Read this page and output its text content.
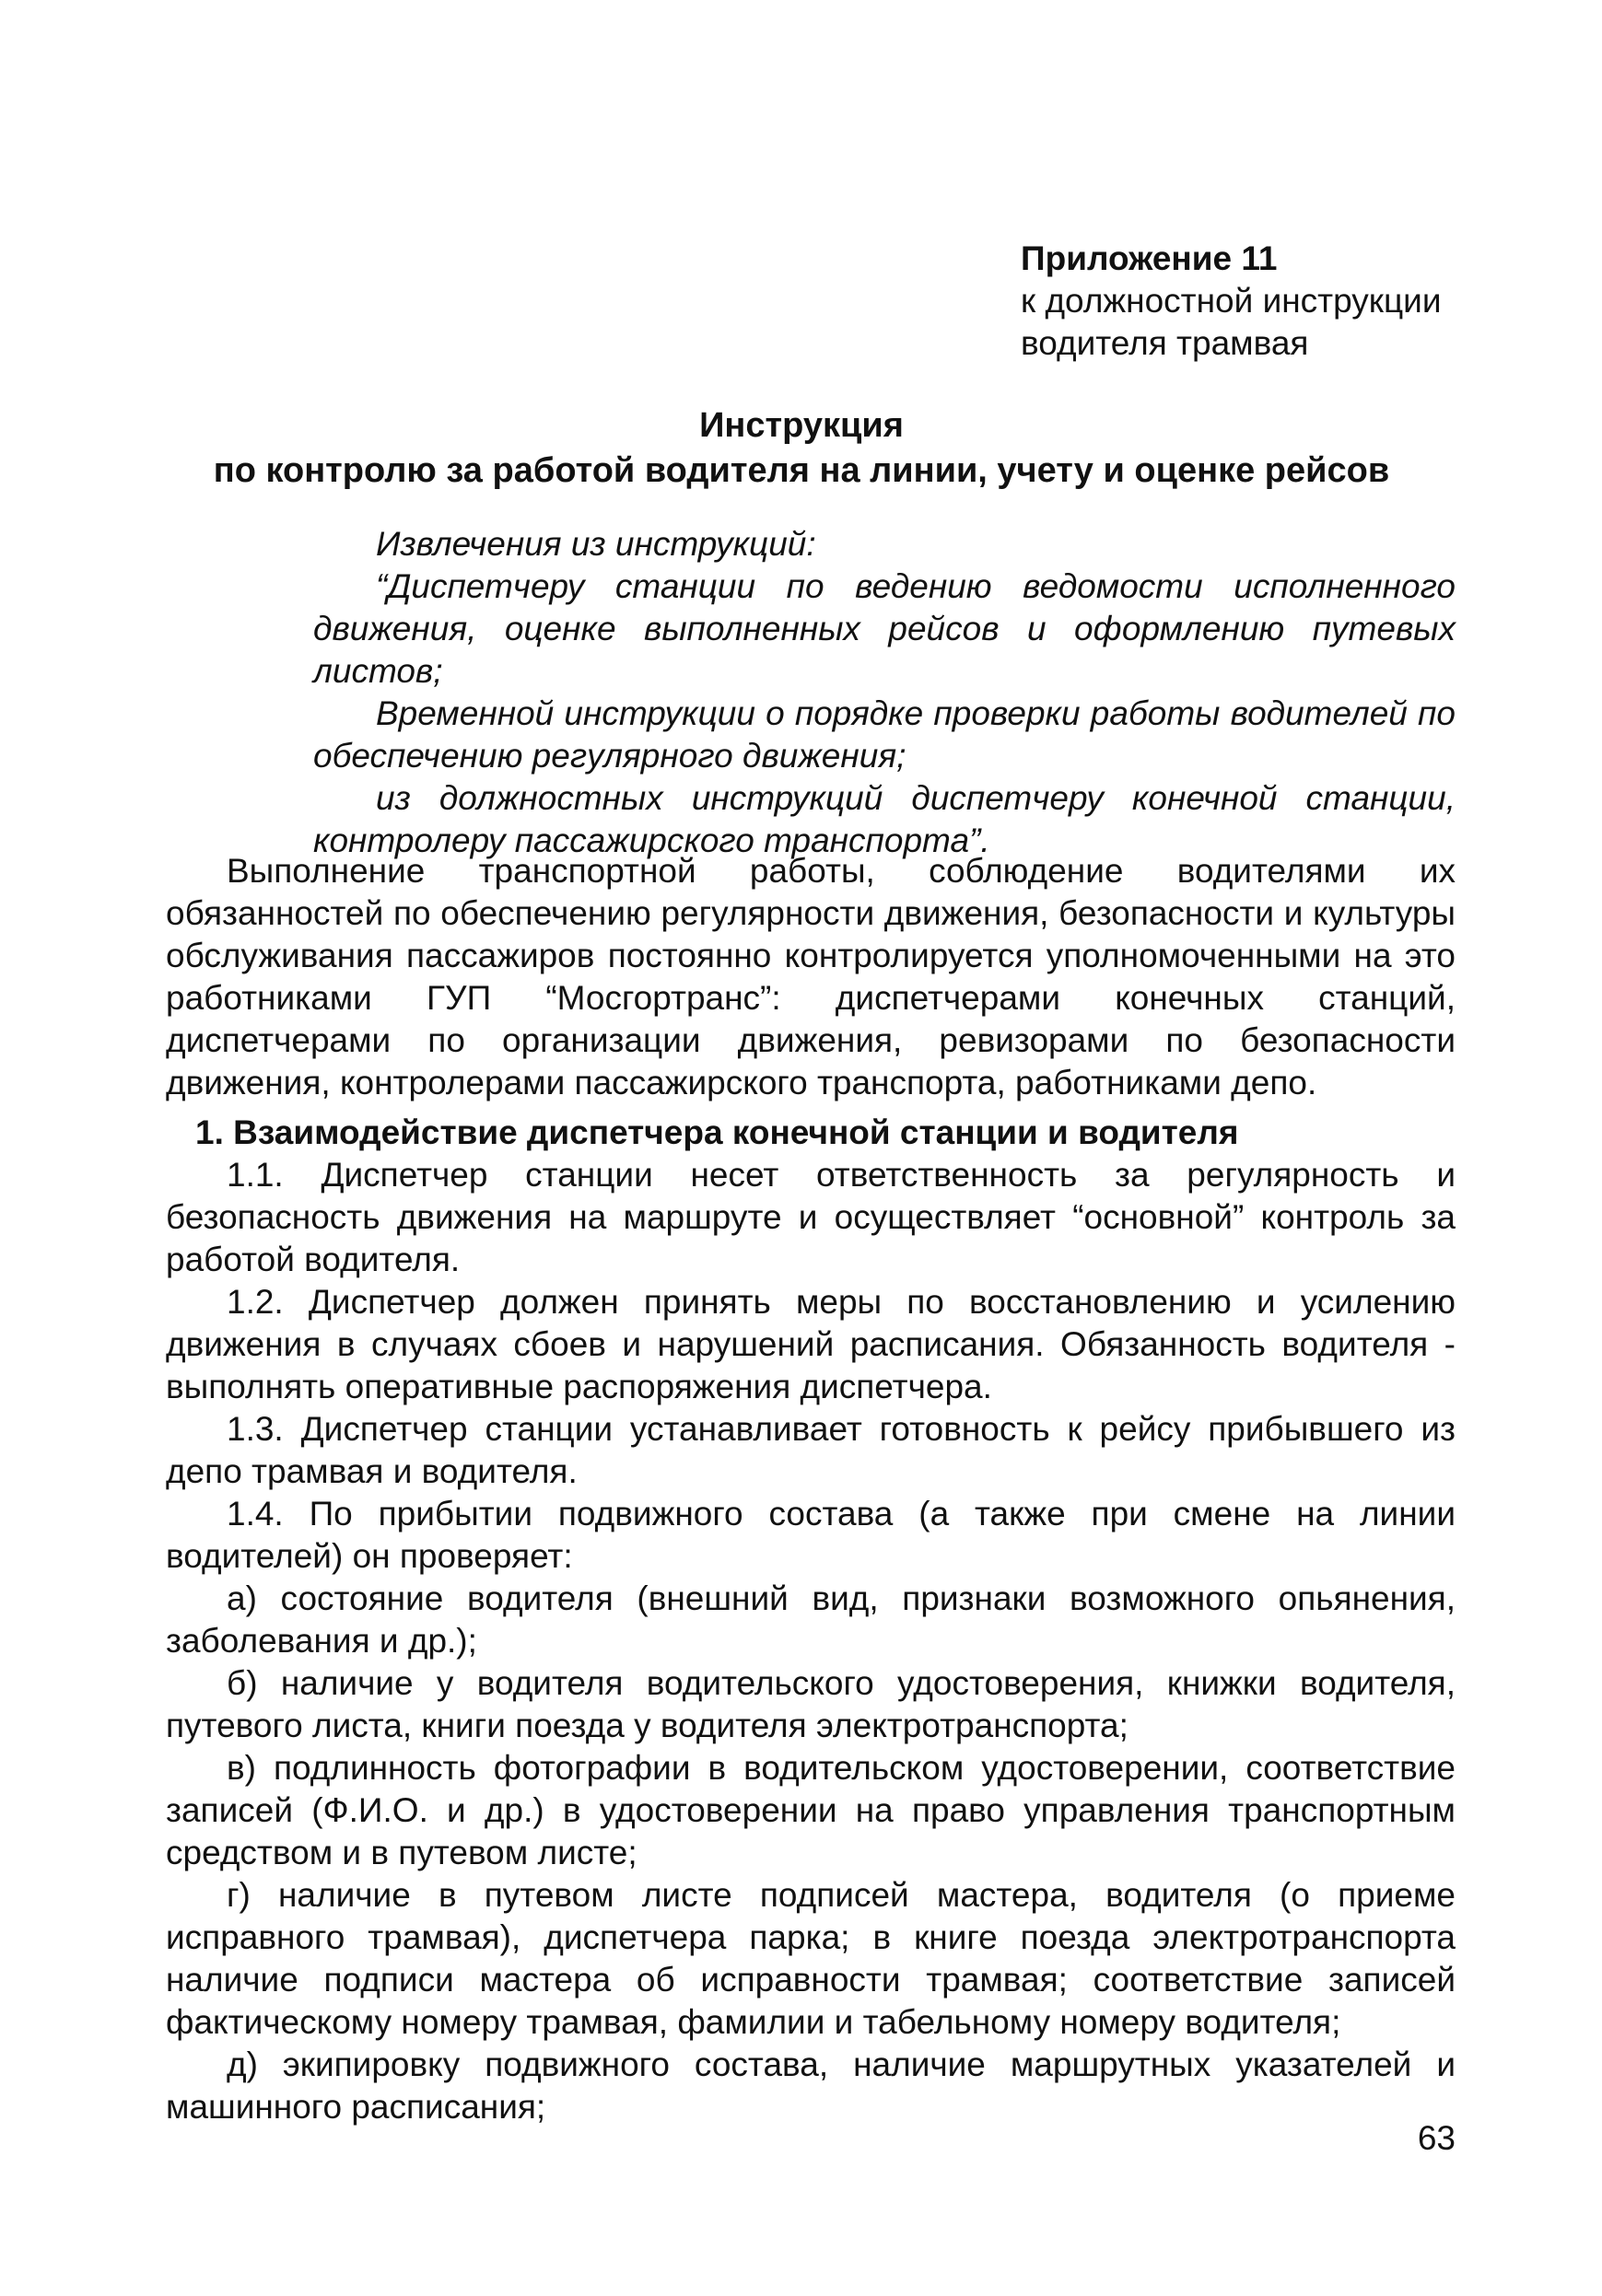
Приложение 11
к должностной инструкции
водителя трамвая
Инструкция
по контролю за работой водителя на линии, учету и оценке рейсов
Извлечения из инструкций:

“Диспетчеру станции по ведению ведомости исполненного движения, оценке выполненных рейсов и оформлению путевых листов;

Временной инструкции о порядке проверки работы водителей по обеспечению регулярного движения;

из должностных инструкций диспетчеру конечной станции, контролеру пассажирского транспорта”.

Выполнение транспортной работы, соблюдение водителями их обязанностей по обеспечению регулярности движения, безопасности и культуры обслуживания пассажиров постоянно контролируется уполномоченными на это работниками ГУП “Мосгортранс”: диспетчерами конечных станций, диспетчерами по организации движения, ревизорами по безопасности движения, контролерами пассажирского транспорта, работниками депо.

1. Взаимодействие диспетчера конечной станции и водителя

1.1. Диспетчер станции несет ответственность за регулярность и безопасность движения на маршруте и осуществляет “основной” контроль за работой водителя.

1.2. Диспетчер должен принять меры по восстановлению и усилению движения в случаях сбоев и нарушений расписания. Обязанность водителя - выполнять оперативные распоряжения диспетчера.

1.3. Диспетчер станции устанавливает готовность к рейсу прибывшего из депо трамвая и водителя.

1.4. По прибытии подвижного состава (а также при смене на линии водителей) он проверяет:

а) состояние водителя (внешний вид, признаки возможного опьянения, заболевания и др.);

б) наличие у водителя водительского удостоверения, книжки водителя, путевого листа, книги поезда у водителя электротранспорта;

в) подлинность фотографии в водительском удостоверении, соответствие записей (Ф.И.О. и др.) в удостоверении на право управления транспортным средством и в путевом листе;

г) наличие в путевом листе подписей мастера, водителя (о приеме исправного трамвая), диспетчера парка; в книге поезда электротранспорта наличие подписи мастера об исправности трамвая; соответствие записей фактическому номеру трамвая, фамилии и табельному номеру водителя;

д) экипировку подвижного состава, наличие маршрутных указателей и машинного расписания;

63
